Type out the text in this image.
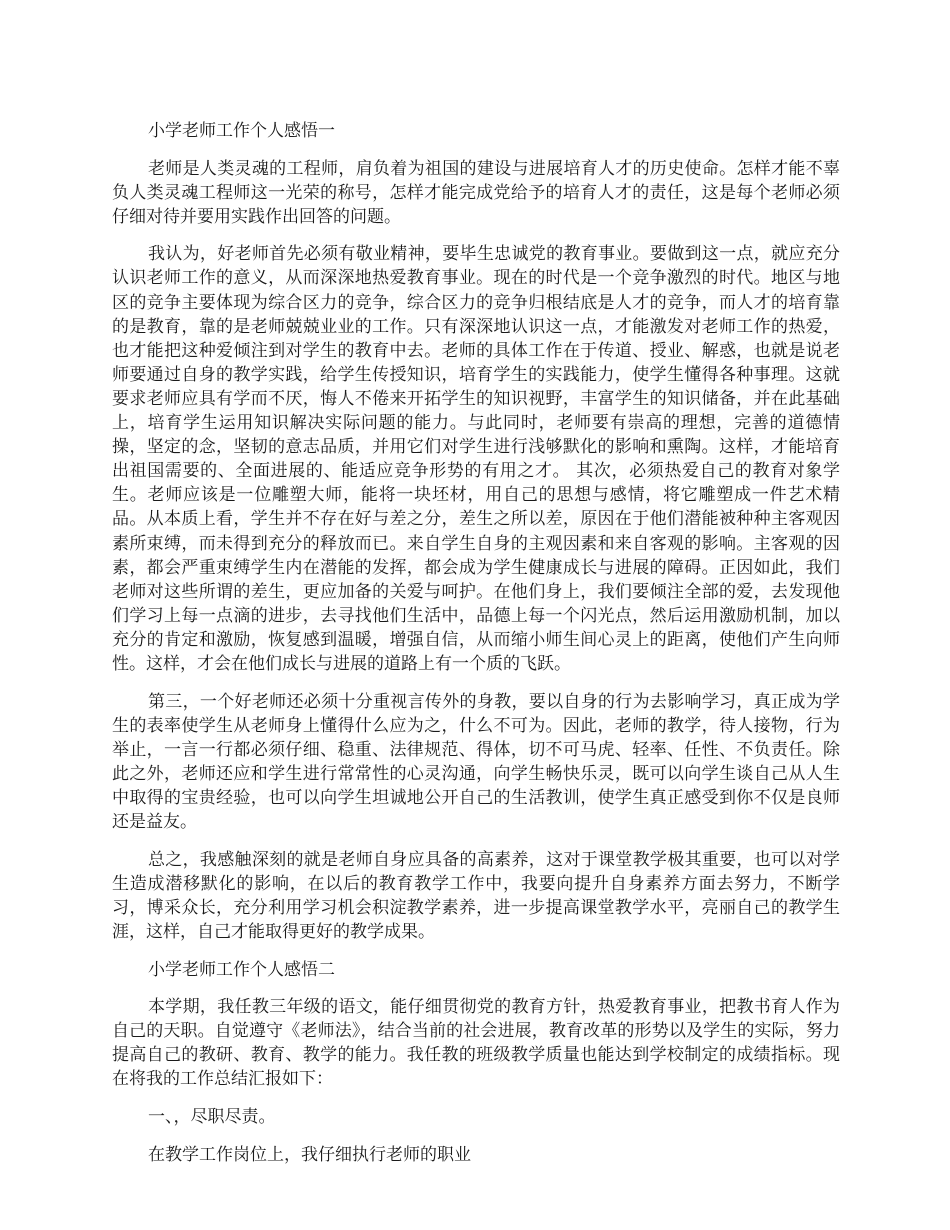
小学老师工作个人感悟一

老师是人类灵魂的工程师，肩负着为祖国的建设与进展培育人才的历史使命。怎样才能不辜负人类灵魂工程师这一光荣的称号，怎样才能完成党给予的培育人才的责任，这是每个老师必须仔细对待并要用实践作出回答的问题。

我认为，好老师首先必须有敬业精神，要毕生忠诚党的教育事业。要做到这一点，就应充分认识老师工作的意义，从而深深地热爱教育事业。现在的时代是一个竞争激烈的时代。地区与地区的竞争主要体现为综合区力的竞争，综合区力的竞争归根结底是人才的竞争，而人才的培育靠的是教育，靠的是老师兢兢业业的工作。只有深深地认识这一点，才能激发对老师工作的热爱，也才能把这种爱倾注到对学生的教育中去。老师的具体工作在于传道、授业、解惑，也就是说老师要通过自身的教学实践，给学生传授知识，培育学生的实践能力，使学生懂得各种事理。这就要求老师应具有学而不厌，悔人不倦来开拓学生的知识视野，丰富学生的知识储备，并在此基础上，培育学生运用知识解决实际问题的能力。与此同时，老师要有崇高的理想，完善的道德情操，坚定的念，坚韧的意志品质，并用它们对学生进行浅够默化的影响和熏陶。这样，才能培育出祖国需要的、全面进展的、能适应竞争形势的有用之才。 其次，必须热爱自己的教育对象学生。老师应该是一位雕塑大师，能将一块坯材，用自己的思想与感情，将它雕塑成一件艺术精品。从本质上看，学生并不存在好与差之分，差生之所以差，原因在于他们潜能被种种主客观因素所束缚，而未得到充分的释放而已。来自学生自身的主观因素和来自客观的影响。主客观的因素，都会严重束缚学生内在潜能的发挥，都会成为学生健康成长与进展的障碍。正因如此，我们老师对这些所谓的差生，更应加备的关爱与呵护。在他们身上，我们要倾注全部的爱，去发现他们学习上每一点滴的进步，去寻找他们生活中，品德上每一个闪光点，然后运用激励机制，加以充分的肯定和激励，恢复感到温暖，增强自信，从而缩小师生间心灵上的距离，使他们产生向师性。这样，才会在他们成长与进展的道路上有一个质的飞跃。

第三，一个好老师还必须十分重视言传外的身教，要以自身的行为去影响学习，真正成为学生的表率使学生从老师身上懂得什么应为之，什么不可为。因此，老师的教学，待人接物，行为举止，一言一行都必须仔细、稳重、法律规范、得体，切不可马虎、轻率、任性、不负责任。除此之外，老师还应和学生进行常常性的心灵沟通，向学生畅快乐灵，既可以向学生谈自己从人生中取得的宝贵经验，也可以向学生坦诚地公开自己的生活教训，使学生真正感受到你不仅是良师还是益友。

总之，我感触深刻的就是老师自身应具备的高素养，这对于课堂教学极其重要，也可以对学生造成潜移默化的影响，在以后的教育教学工作中，我要向提升自身素养方面去努力，不断学习，博采众长，充分利用学习机会积淀教学素养，进一步提高课堂教学水平，亮丽自己的教学生涯，这样，自己才能取得更好的教学成果。

小学老师工作个人感悟二

本学期，我任教三年级的语文，能仔细贯彻党的教育方针，热爱教育事业，把教书育人作为自己的天职。自觉遵守《老师法》，结合当前的社会进展，教育改革的形势以及学生的实际，努力提高自己的教研、教育、教学的能力。我任教的班级教学质量也能达到学校制定的成绩指标。现在将我的工作总结汇报如下：

一、，尽职尽责。

在教学工作岗位上，我仔细执行老师的职业
